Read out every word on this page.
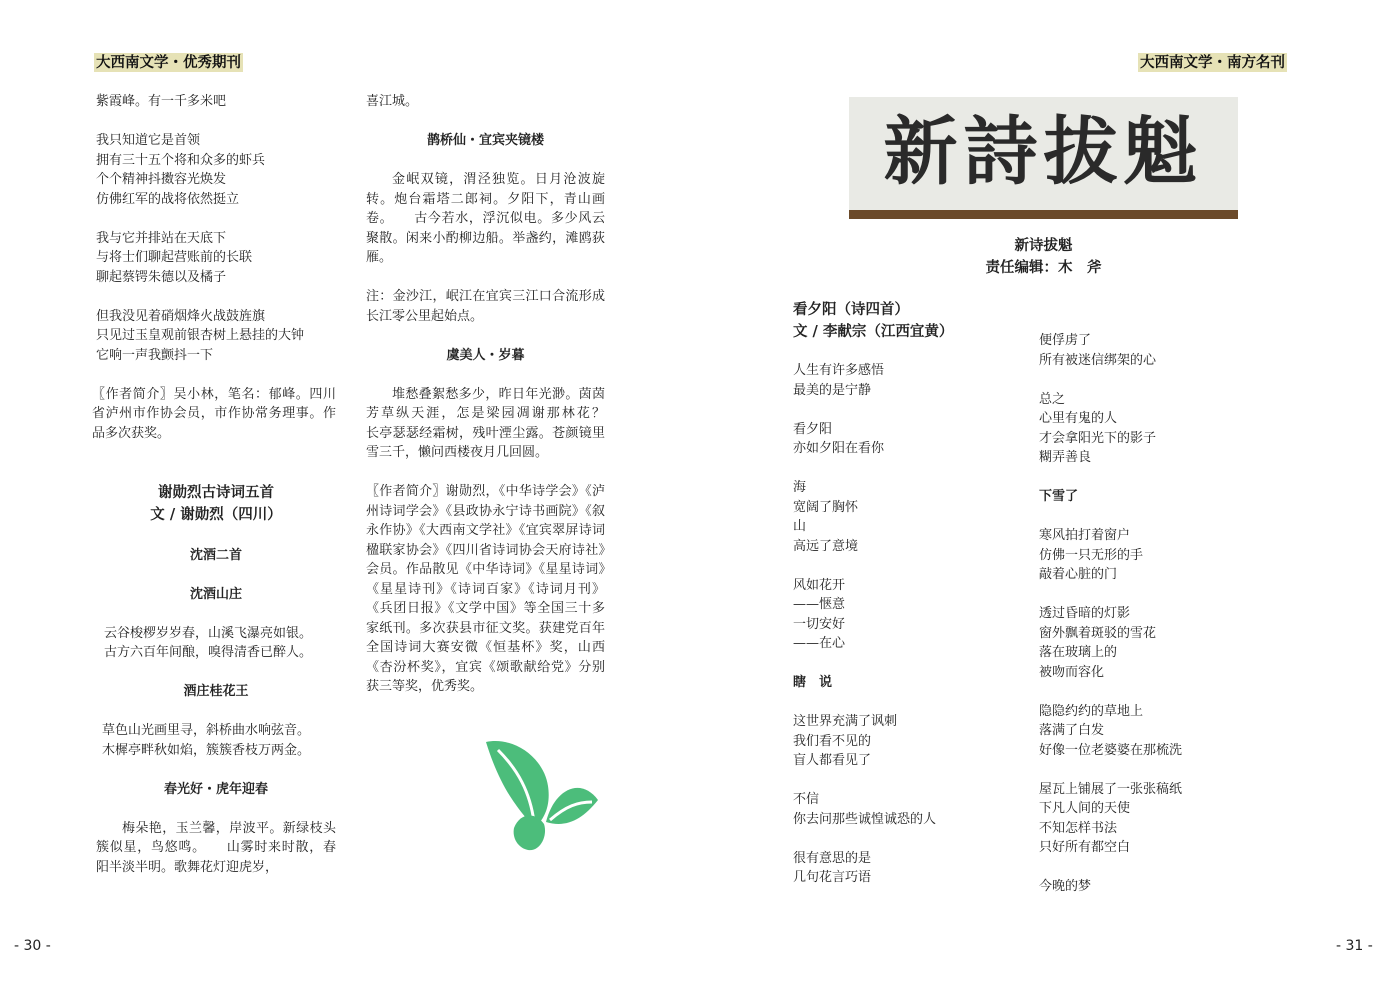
大西南文学・优秀期刊

紫霞峰。有一千多米吧

我只知道它是首领

拥有三十五个将和众多的虾兵

个个精神抖擞容光焕发

仿佛红军的战将依然挺立

我与它并排站在天底下

与将士们聊起营账前的长联

聊起蔡锷朱德以及橘子

但我没见着硝烟烽火战鼓旌旗

只见过玉皇观前银杏树上悬挂的大钟

它响一声我颤抖一下

〖作者简介〗吴小林，笔名：郁峰。四川省泸州市作协会员，市作协常务理事。作品多次获奖。

谢勋烈古诗词五首

文 / 谢勋烈（四川）

沈酒二首

沈酒山庄

云谷梭椤岁岁春，山溪飞瀑亮如银。

古方六百年间酿，嗅得清香已醉人。

酒庄桂花王

草色山光画里寻，斜桥曲水响弦音。

木樨亭畔秋如焰，簇簇香枝万两金。

春光好・虎年迎春

梅朵艳，玉兰馨，岸波平。新绿枝头簇似星，鸟悠鸣。　　山雾时来时散，春阳半淡半明。歌舞花灯迎虎岁，

喜江城。

鹊桥仙・宜宾夹镜楼

金岷双镜，渭泾独览。日月沧波旋转。炮台霜塔二郎祠。夕阳下，青山画卷。　　古今若水，浮沉似电。多少风云聚散。闲来小酌柳边船。举盏约，滩鸥荻雁。

注：金沙江，岷江在宜宾三江口合流形成长江零公里起始点。

虞美人・岁暮

堆愁叠絮愁多少，昨日年光渺。茵茵芳草纵天涯，怎是梁园凋谢那林花？　　长亭瑟瑟经霜树，残叶湮尘露。苍颜镜里雪三千，懒问西楼夜月几回圆。

〖作者简介〗谢勋烈，《中华诗学会》《泸州诗词学会》《县政协永宁诗书画院》《叙永作协》《大西南文学社》《宜宾翠屏诗词楹联家协会》《四川省诗词协会天府诗社》会员。作品散见《中华诗词》《星星诗词》《星星诗刊》《诗词百家》《诗词月刊》《兵团日报》《文学中国》等全国三十多家纸刊。多次获县市征文奖。获建党百年全国诗词大赛安微《恒基杯》奖，山西《杏汾杯奖》，宜宾《颂歌献给党》分别获三等奖，优秀奖。

- 30 -
大西南文学・南方名刊
新詩拔魁
新诗拔魁
责任编辑：木　斧
看夕阳（诗四首）
文 / 李献宗（江西宜黄）

人生有许多感悟

最美的是宁静

看夕阳

亦如夕阳在看你

海

宽阔了胸怀

山

高远了意境

风如花开

——惬意

一切安好

——在心

瞎　说

这世界充满了讽刺

我们看不见的

盲人都看见了

不信

你去问那些诚惶诚恐的人

很有意思的是

几句花言巧语

便俘虏了

所有被迷信绑架的心

总之

心里有鬼的人

才会拿阳光下的影子

糊弄善良

下雪了

寒风拍打着窗户

仿佛一只无形的手

敲着心脏的门

透过昏暗的灯影

窗外飘着斑驳的雪花

落在玻璃上的

被吻而容化

隐隐约约的草地上

落满了白发

好像一位老婆婆在那梳洗

屋瓦上铺展了一张张稿纸

下凡人间的天使

不知怎样书法

只好所有都空白

今晚的梦

- 31 -
